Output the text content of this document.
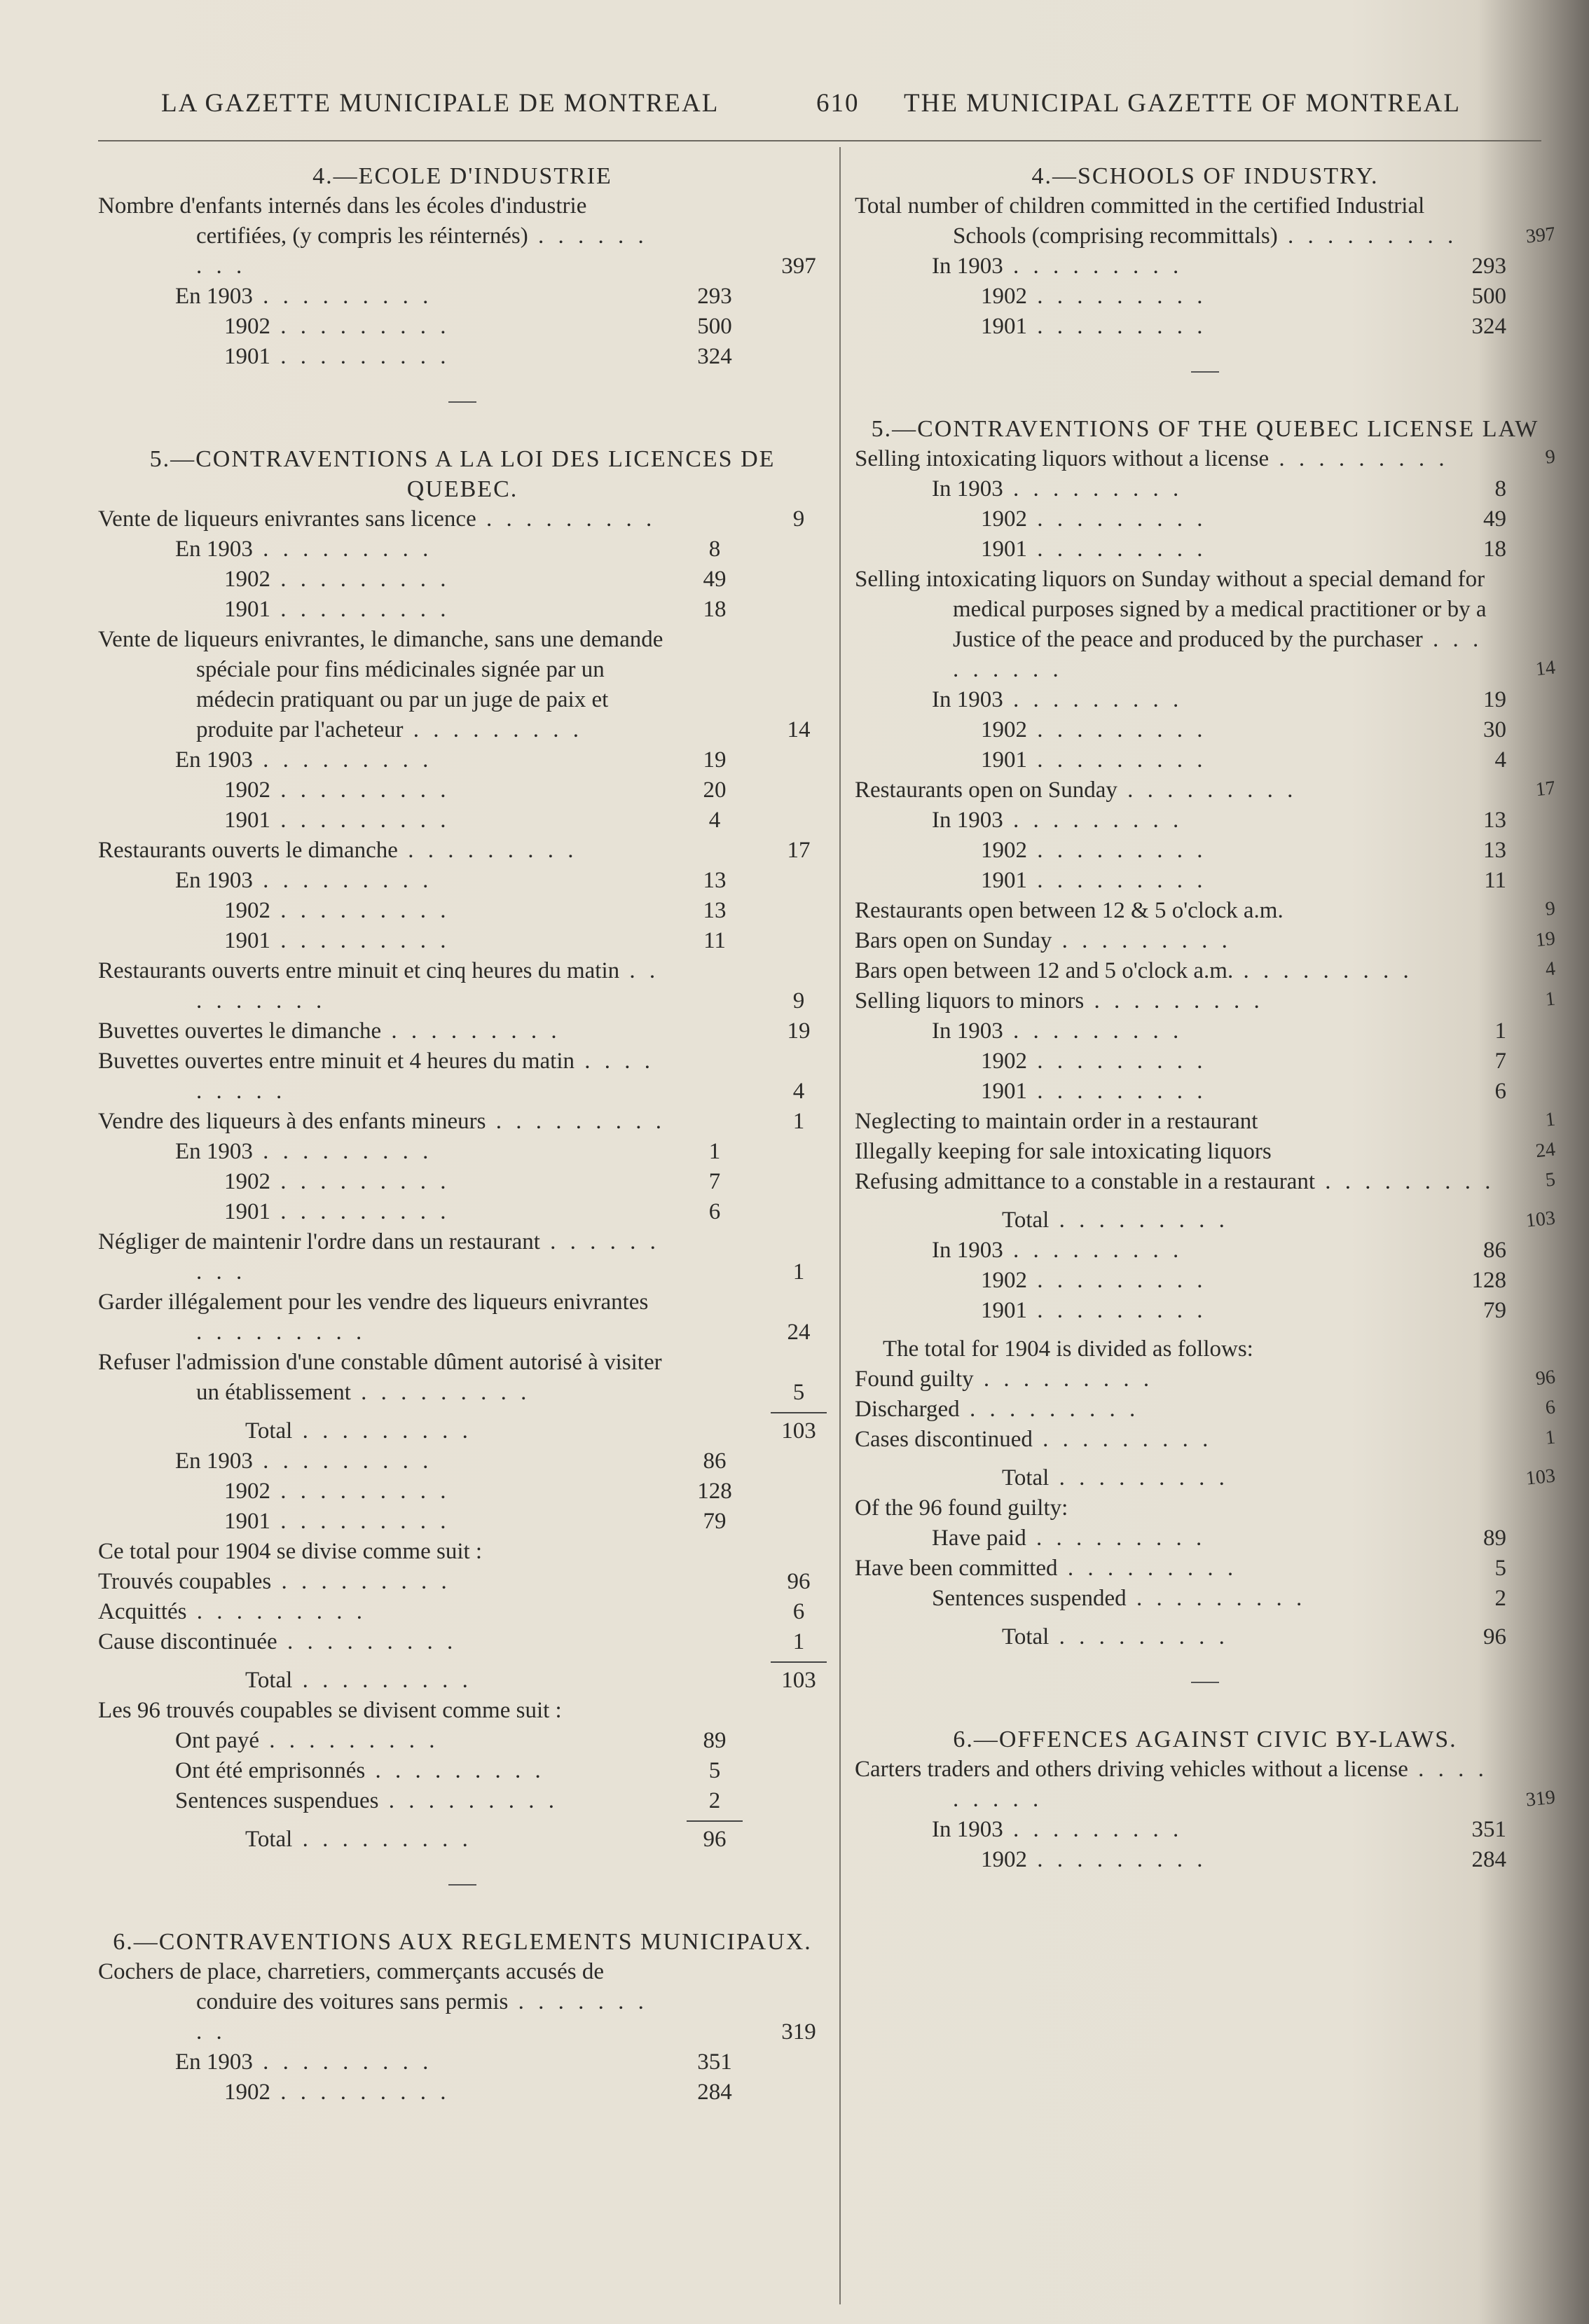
LA GAZETTE MUNICIPALE DE MONTREAL	610 THE MUNICIPAL GAZETTE OF MONTREAL
4.—ECOLE D'INDUSTRIE
Nombre d'enfants internés dans les écoles d'industrie certifiées, (y compris les réinternés) . . . . . . . . .	397
En 1903 . . . . . . . . .	293
1902 . . . . . . . . .	500
1901 . . . . . . . . .	324
5.—CONTRAVENTIONS A LA LOI DES LICENCES DE QUEBEC.
Vente de liqueurs enivrantes sans licence . . . . . . . . .	9
En 1903 . . . . . . . . .	8
1902 . . . . . . . . .	49
1901 . . . . . . . . .	18
Vente de liqueurs enivrantes, le dimanche, sans une demande spéciale pour fins médicinales signée par un médecin pratiquant ou par un juge de paix et produite par l'acheteur . . . . . . . . .	14
En 1903 . . . . . . . . .	19
1902 . . . . . . . . .	20
1901 . . . . . . . . .	4
Restaurants ouverts le dimanche . . . . . . . . .	17
En 1903 . . . . . . . . .	13
1902 . . . . . . . . .	13
1901 . . . . . . . . .	11
Restaurants ouverts entre minuit et cinq heures du matin . . . . . . . . .	9
Buvettes ouvertes le dimanche . . . . . . . . .	19
Buvettes ouvertes entre minuit et 4 heures du matin . . . . . . . . .	4
Vendre des liqueurs à des enfants mineurs . . . . . . . . .	1
En 1903 . . . . . . . . .	1
1902 . . . . . . . . .	7
1901 . . . . . . . . .	6
Négliger de maintenir l'ordre dans un restaurant . . . . . . . . .	1
Garder illégalement pour les vendre des liqueurs enivrantes . . . . . . . . .	24
Refuser l'admission d'une constable dûment autorisé à visiter un établissement . . . . . . . . .	5
Total . . . . . . . . .	103
En 1903 . . . . . . . . .	86
1902 . . . . . . . . .	128
1901 . . . . . . . . .	79
Ce total pour 1904 se divise comme suit :
Trouvés coupables . . . . . . . . .	96
Acquittés . . . . . . . . .	6
Cause discontinuée . . . . . . . . .	1
Total . . . . . . . . .	103
Les 96 trouvés coupables se divisent comme suit :
Ont payé . . . . . . . . .	89
Ont été emprisonnés . . . . . . . . .	5
Sentences suspendues . . . . . . . . .	2
Total . . . . . . . . .	96
6.—CONTRAVENTIONS AUX REGLEMENTS MUNICIPAUX.
Cochers de place, charretiers, commerçants accusés de conduire des voitures sans permis . . . . . . . . .	319
En 1903 . . . . . . . . .	351
1902 . . . . . . . . .	284
4.—SCHOOLS OF INDUSTRY.
Total number of children committed in the certified Industrial Schools (comprising recommittals) . . . . . . . . .	397
In 1903 . . . . . . . . .	293
1902 . . . . . . . . .	500
1901 . . . . . . . . .	324
5.—CONTRAVENTIONS OF THE QUEBEC LICENSE LAW
Selling intoxicating liquors without a license . . . . . . . . .	9
In 1903 . . . . . . . . .	8
1902 . . . . . . . . .	49
1901 . . . . . . . . .	18
Selling intoxicating liquors on Sunday without a special demand for medical purposes signed by a medical practitioner or by a Justice of the peace and produced by the purchaser . . . . . . . . .	14
In 1903 . . . . . . . . .	19
1902 . . . . . . . . .	30
1901 . . . . . . . . .	4
Restaurants open on Sunday . . . . . . . . .	17
In 1903 . . . . . . . . .	13
1902 . . . . . . . . .	13
1901 . . . . . . . . .	11
Restaurants open between 12 & 5 o'clock a.m.	9
Bars open on Sunday . . . . . . . . .	19
Bars open between 12 and 5 o'clock a.m. . . . . . . . . .	4
Selling liquors to minors . . . . . . . . .	1
In 1903 . . . . . . . . .	1
1902 . . . . . . . . .	7
1901 . . . . . . . . .	6
Neglecting to maintain order in a restaurant	1
Illegally keeping for sale intoxicating liquors	24
Refusing admittance to a constable in a restaurant . . . . . . . . .	5
Total . . . . . . . . .	103
In 1903 . . . . . . . . .	86
1902 . . . . . . . . .	128
1901 . . . . . . . . .	79
The total for 1904 is divided as follows:
Found guilty . . . . . . . . .	96
Discharged . . . . . . . . .	6
Cases discontinued . . . . . . . . .	1
Total . . . . . . . . .	103
Of the 96 found guilty:
Have paid . . . . . . . . .	89
Have been committed . . . . . . . . .	5
Sentences suspended . . . . . . . . .	2
Total . . . . . . . . .	96
6.—OFFENCES AGAINST CIVIC BY-LAWS.
Carters traders and others driving vehicles without a license . . . . . . . . .	319
In 1903 . . . . . . . . .	351
1902 . . . . . . . . .	284
